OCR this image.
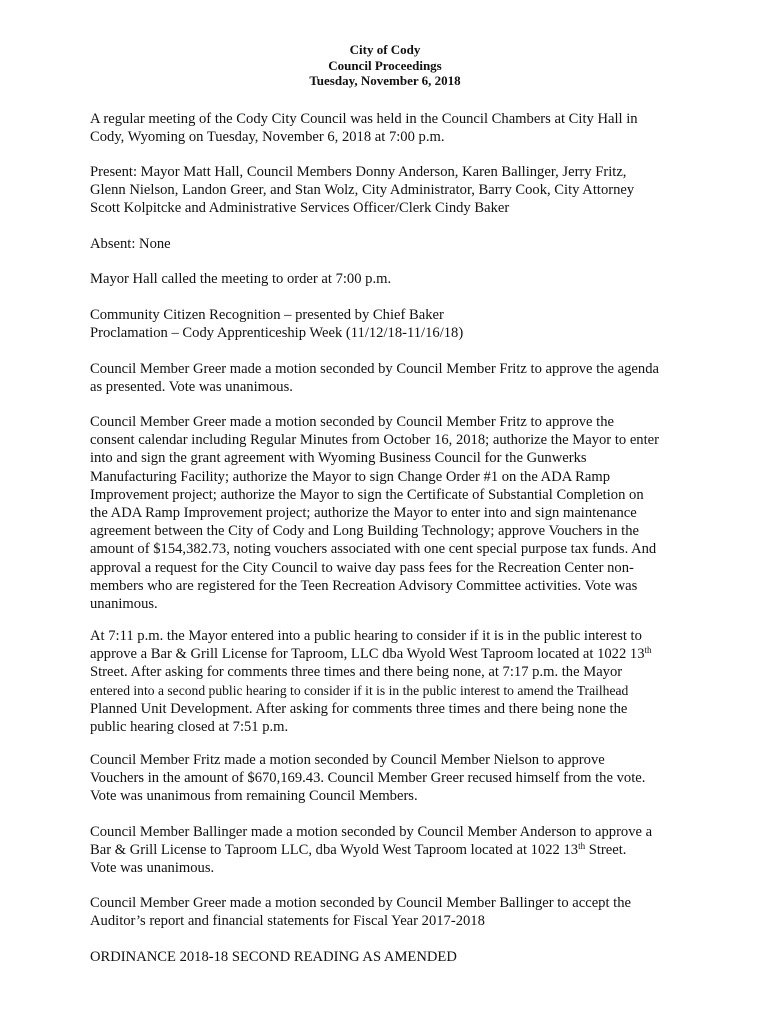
City of Cody
Council Proceedings
Tuesday, November 6, 2018

A regular meeting of the Cody City Council was held in the Council Chambers at City Hall in
Cody, Wyoming on Tuesday, November 6, 2018 at 7:00 p.m.

Present: Mayor Matt Hall, Council Members Donny Anderson, Karen Ballinger, Jerry Fritz,
Glenn Nielson, Landon Greer, and Stan Wolz, City Administrator, Barry Cook, City Attorney
Scott Kolpitcke and Administrative Services Officer/Clerk Cindy Baker

Absent: None

Mayor Hall called the meeting to order at 7:00 p.m.

Community Citizen Recognition – presented by Chief Baker
Proclamation – Cody Apprenticeship Week (11/12/18-11/16/18)

Council Member Greer made a motion seconded by Council Member Fritz to approve the agenda
as presented. Vote was unanimous.

Council Member Greer made a motion seconded by Council Member Fritz to approve the
consent calendar including Regular Minutes from October 16, 2018; authorize the Mayor to enter
into and sign the grant agreement with Wyoming Business Council for the Gunwerks
Manufacturing Facility; authorize the Mayor to sign Change Order #1 on the ADA Ramp
Improvement project; authorize the Mayor to sign the Certificate of Substantial Completion on
the ADA Ramp Improvement project; authorize the Mayor to enter into and sign maintenance
agreement between the City of Cody and Long Building Technology; approve Vouchers in the
amount of $154,382.73, noting vouchers associated with one cent special purpose tax funds. And
approval a request for the City Council to waive day pass fees for the Recreation Center non-
members who are registered for the Teen Recreation Advisory Committee activities. Vote was
unanimous.

At 7:11 p.m. the Mayor entered into a public hearing to consider if it is in the public interest to
approve a Bar & Grill License for Taproom, LLC dba Wyold West Taproom located at 1022 13th
Street. After asking for comments three times and there being none, at 7:17 p.m. the Mayor
entered into a second public hearing to consider if it is in the public interest to amend the Trailhead
Planned Unit Development. After asking for comments three times and there being none the
public hearing closed at 7:51 p.m.

Council Member Fritz made a motion seconded by Council Member Nielson to approve
Vouchers in the amount of $670,169.43. Council Member Greer recused himself from the vote.
Vote was unanimous from remaining Council Members.

Council Member Ballinger made a motion seconded by Council Member Anderson to approve a
Bar & Grill License to Taproom LLC, dba Wyold West Taproom located at 1022 13th Street.
Vote was unanimous.

Council Member Greer made a motion seconded by Council Member Ballinger to accept the
Auditor’s report and financial statements for Fiscal Year 2017-2018

ORDINANCE 2018-18 SECOND READING AS AMENDED
